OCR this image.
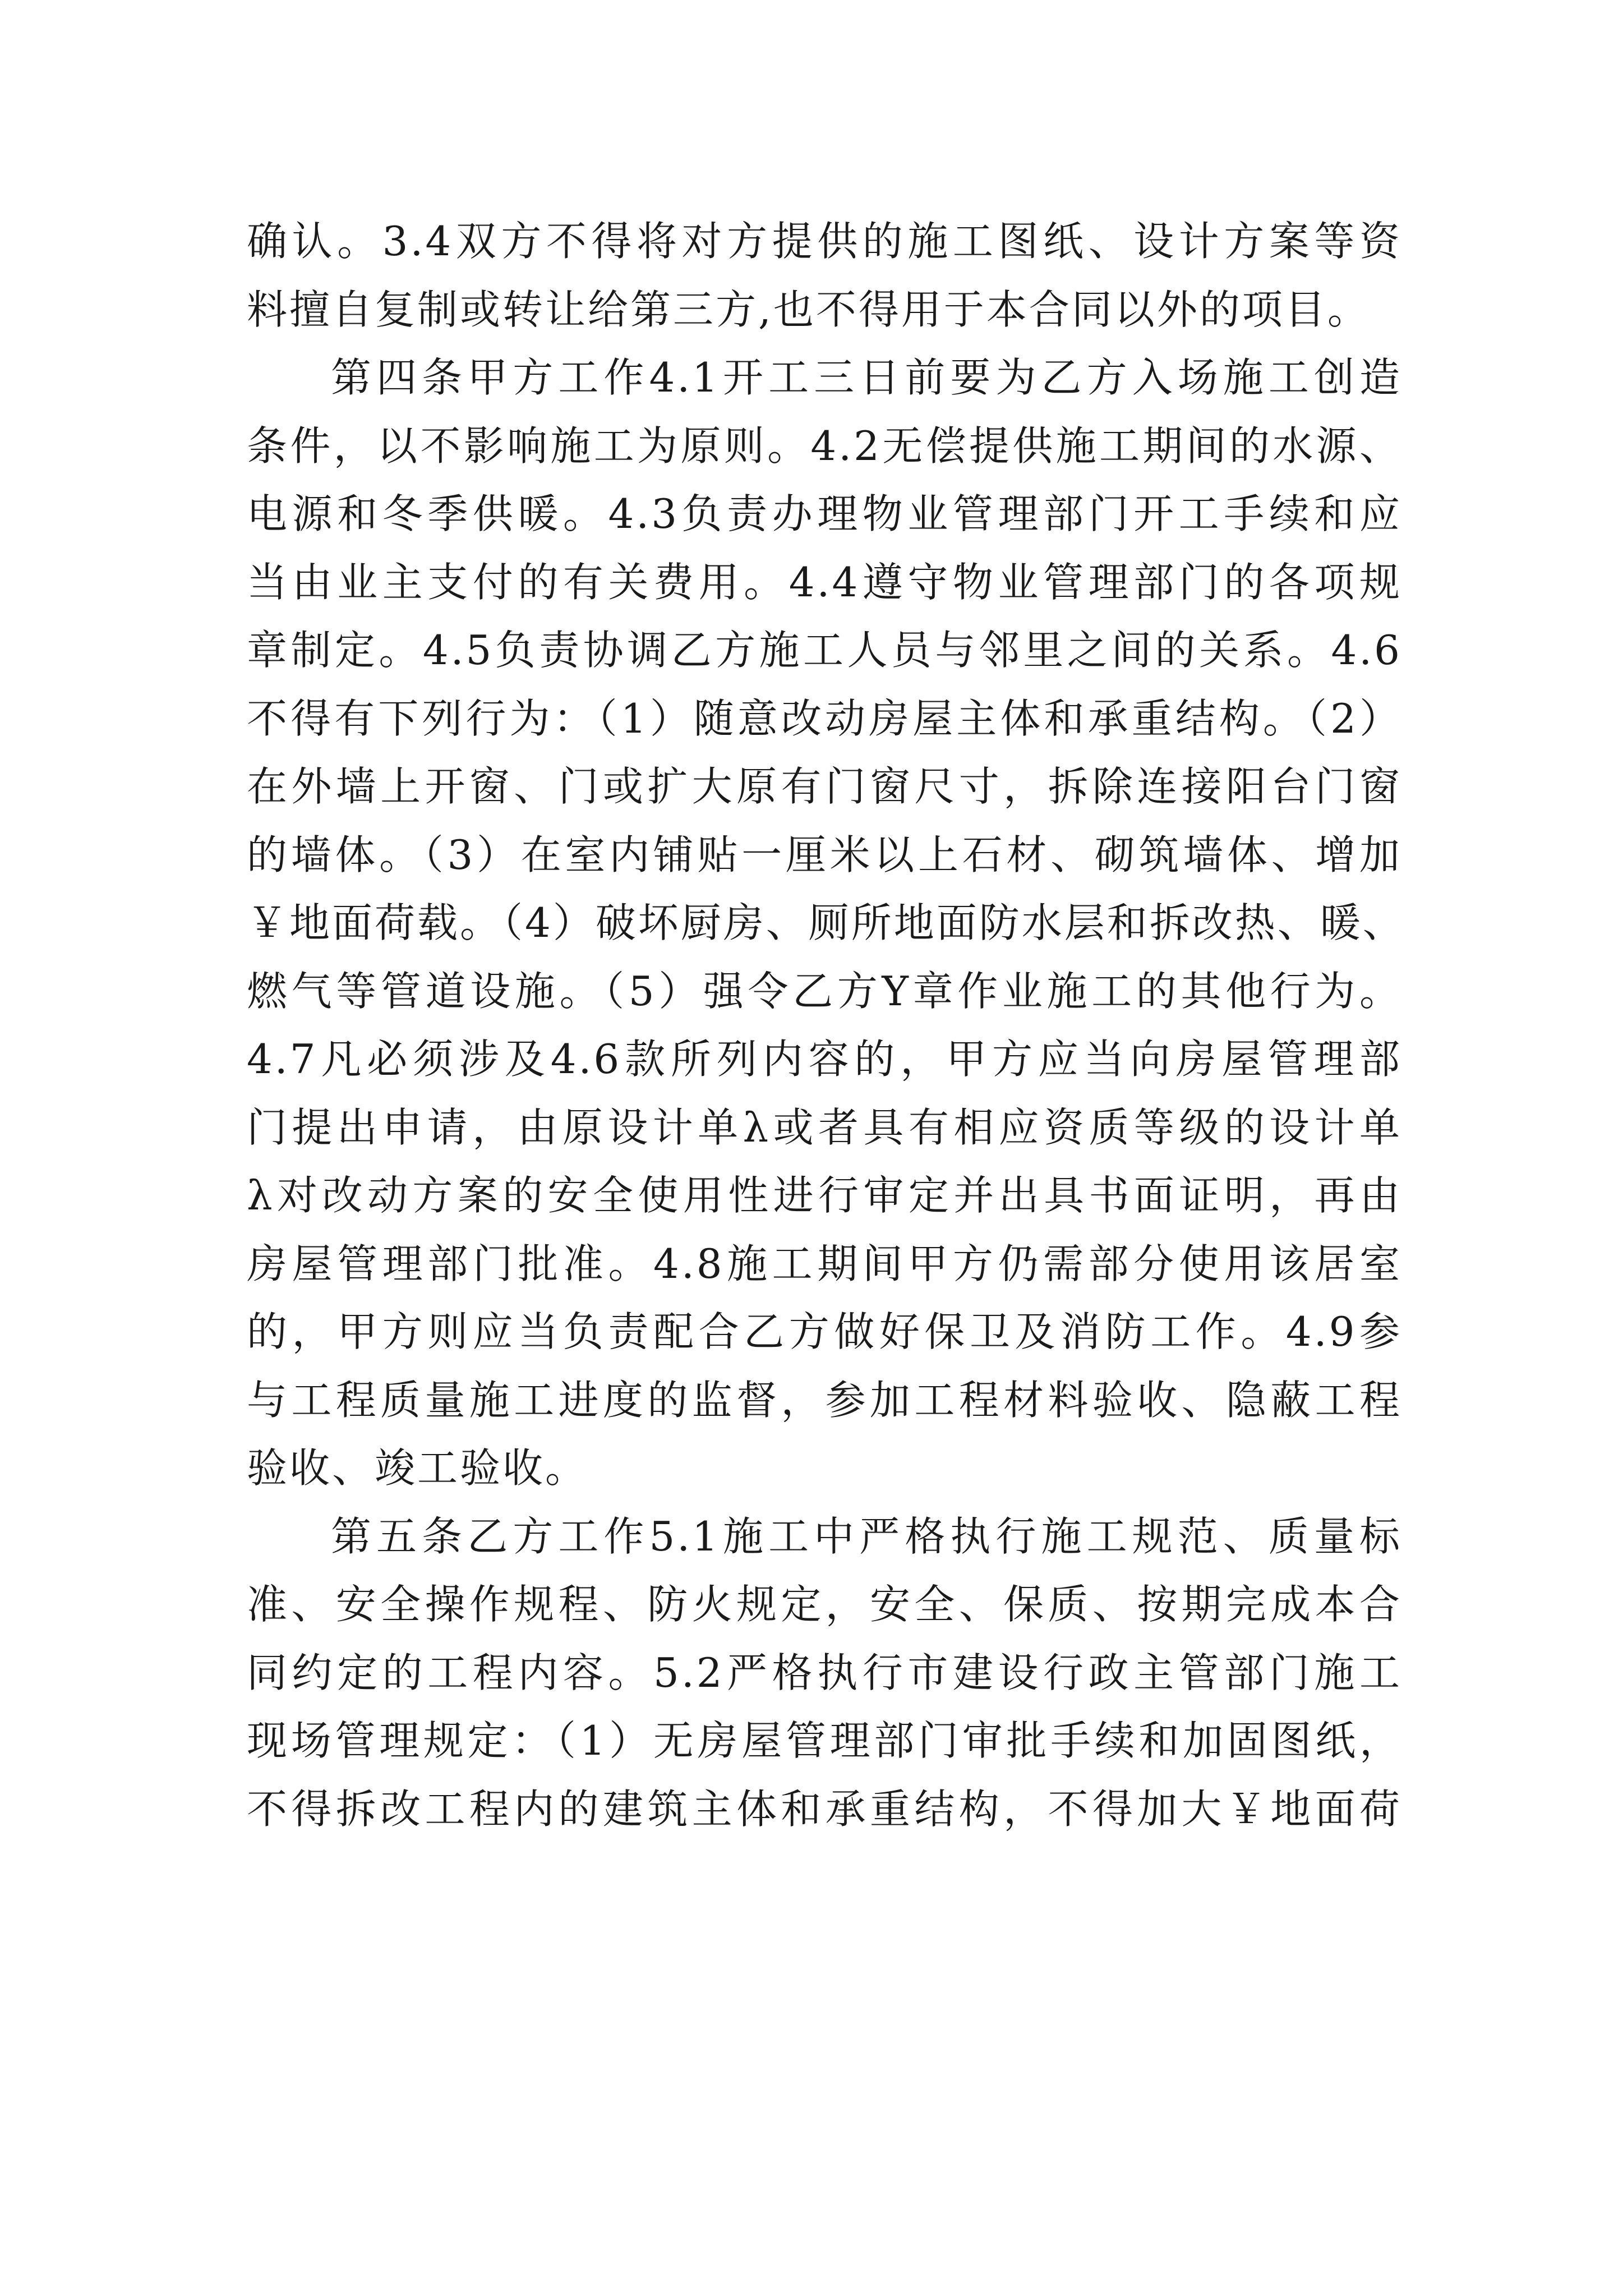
确认。3.4双方不得将对方提供的施工图纸、设计方案等资
料擅自复制或转让给第三方,也不得用于本合同以外的项目。
第四条甲方工作4.1开工三日前要为乙方入场施工创造
条件，以不影响施工为原则。4.2无偿提供施工期间的水源、
电源和冬季供暖。4.3负责办理物业管理部门开工手续和应
当由业主支付的有关费用。4.4遵守物业管理部门的各项规
章制定。4.5负责协调乙方施工人员与邻里之间的关系。4.6
不得有下列行为：（1）随意改动房屋主体和承重结构。（2）
在外墙上开窗、门或扩大原有门窗尺寸，拆除连接阳台门窗
的墙体。（3）在室内铺贴一厘米以上石材、砌筑墙体、增加
￥地面荷载。（4）破坏厨房、厕所地面防水层和拆改热、暖、
燃气等管道设施。（5）强令乙方Y章作业施工的其他行为。
4.7凡必须涉及4.6款所列内容的，甲方应当向房屋管理部
门提出申请，由原设计单λ或者具有相应资质等级的设计单
λ对改动方案的安全使用性进行审定并出具书面证明，再由
房屋管理部门批准。4.8施工期间甲方仍需部分使用该居室
的，甲方则应当负责配合乙方做好保卫及消防工作。4.9参
与工程质量施工进度的监督，参加工程材料验收、隐蔽工程
验收、竣工验收。
第五条乙方工作5.1施工中严格执行施工规范、质量标
准、安全操作规程、防火规定，安全、保质、按期完成本合
同约定的工程内容。5.2严格执行市建设行政主管部门施工
现场管理规定：（1）无房屋管理部门审批手续和加固图纸，
不得拆改工程内的建筑主体和承重结构，不得加大￥地面荷
